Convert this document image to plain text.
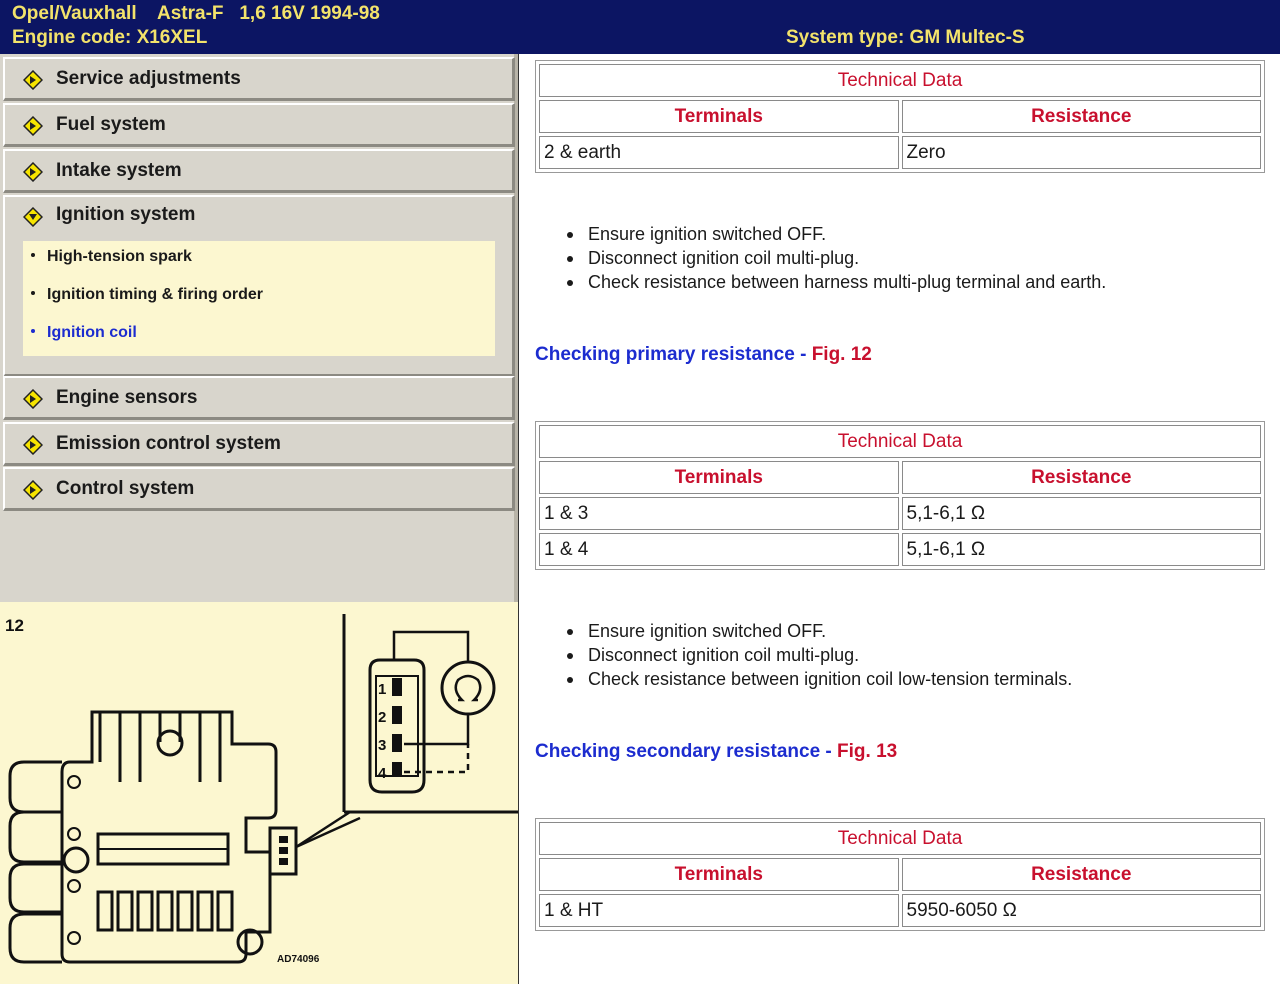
Opel/Vauxhall    Astra-F   1,6 16V 1994-98
Engine code: X16XEL	System type: GM Multec-S
Service adjustments
Fuel system
Intake system
Ignition system
High-tension spark
Ignition timing & firing order
Ignition coil
Engine sensors
Emission control system
Control system
12
1
2
3
4
AD74096
Technical Data	
Terminals	Resistance
2 & earth	Zero
Ensure ignition switched OFF.
Disconnect ignition coil multi-plug.
Check resistance between harness multi-plug terminal and earth.
Checking primary resistance - Fig. 12
Technical Data	
Terminals	Resistance
1 & 3	5,1-6,1 Ω
1 & 4	5,1-6,1 Ω
Ensure ignition switched OFF.
Disconnect ignition coil multi-plug.
Check resistance between ignition coil low-tension terminals.
Checking secondary resistance - Fig. 13
Technical Data	
Terminals	Resistance
1 & HT	5950-6050 Ω
